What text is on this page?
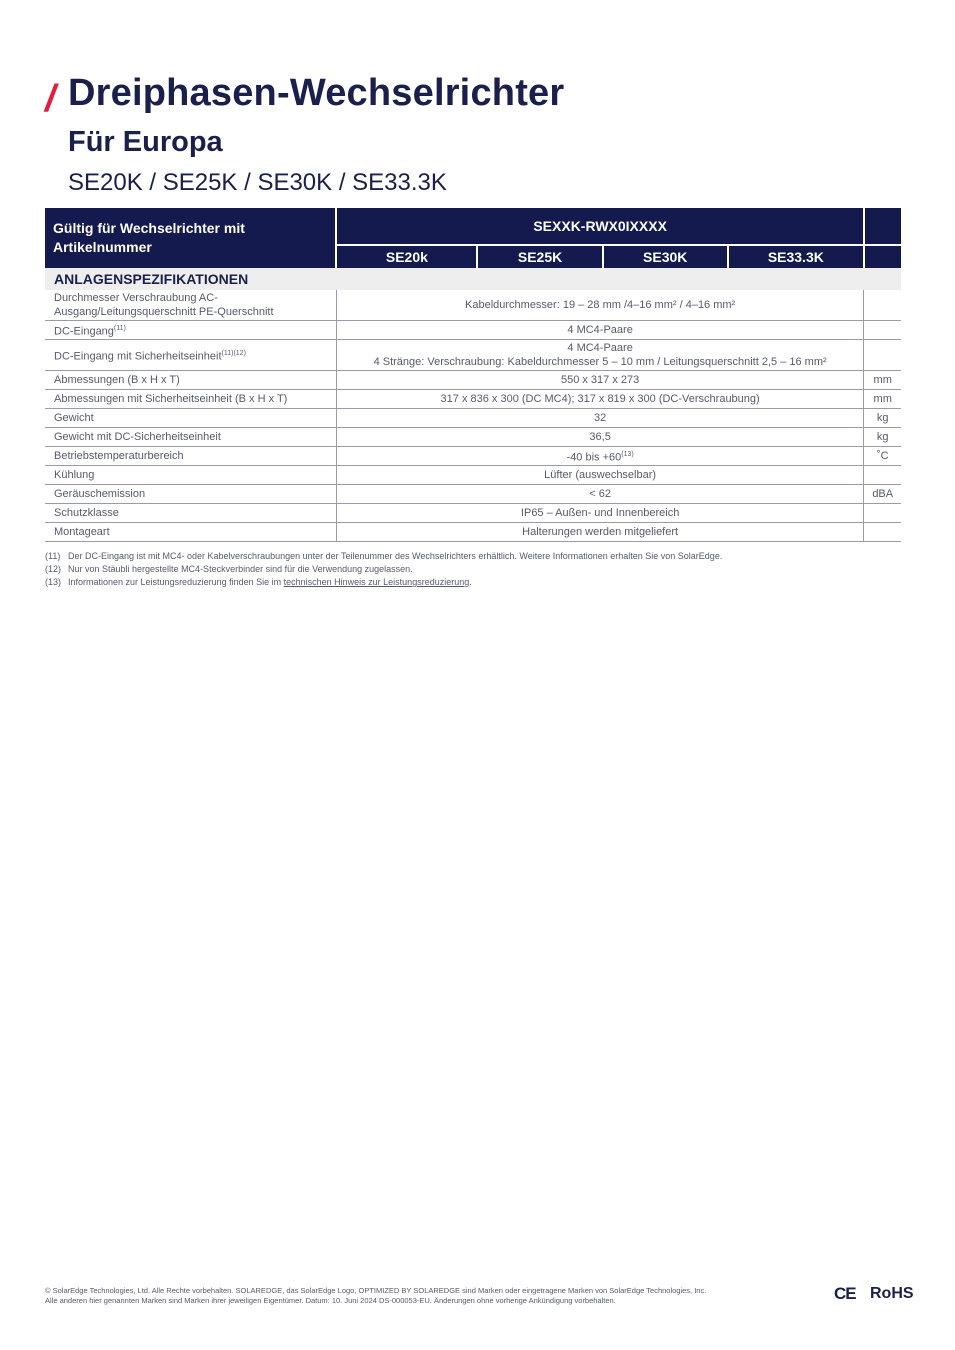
/ Dreiphasen-Wechselrichter
Für Europa
SE20K / SE25K / SE30K / SE33.3K
Gültig für Wechselrichter mit Artikelnummer	SEXXK-RWX0IXXXX				
	SE20k	SE25K	SE30K	SE33.3K	
ANLAGENSPEZIFIKATIONEN					
Durchmesser Verschraubung AC-Ausgang/Leitungsquerschnitt PE-Querschnitt	Kabeldurchmesser: 19 – 28 mm /4–16 mm² / 4–16 mm²				
DC-Eingang$^{(11)}$	4 MC4-Paare				
DC-Eingang mit Sicherheitseinheit$^{(11)(12)}$	4 MC4-Paare
4 Stränge: Verschraubung: Kabeldurchmesser 5 – 10 mm / Leitungsquerschnitt 2,5 – 16 mm²				

Abmessungen (B x H x T)	550 x 317 x 273				mm
Abmessungen mit Sicherheitseinheit (B x H x T)	317 x 836 x 300 (DC MC4); 317 x 819 x 300 (DC-Verschraubung)				mm
Gewicht	32				kg
Gewicht mit DC-Sicherheitseinheit	36,5				kg
Betriebstemperaturbereich	-40 bis $+60^{(13)}$				˚C
Kühlung	Lüfter (auswechselbar)				
Geräuschemission	< 62				dBA
Schutzklasse	IP65 – Außen- und Innenbereich				
Montageart	Halterungen werden mitgeliefert				
(11) Der DC-Eingang ist mit MC4- oder Kabelverschraubungen unter der Teilenummer des Wechselrichters erhältlich. Weitere Informationen erhalten Sie von SolarEdge.
(12) Nur von Stäubli hergestellte MC4-Steckverbinder sind für die Verwendung zugelassen.
(13) Informationen zur Leistungsreduzierung finden Sie im technischen Hinweis zur Leistungsreduzierung.
© SolarEdge Technologies, Ltd. Alle Rechte vorbehalten. SOLAREDGE, das SolarEdge Logo, OPTIMIZED BY SOLAREDGE sind Marken oder eingetragene Marken von SolarEdge Technologies, Inc.
Alle anderen hier genannten Marken sind Marken ihrer jeweiligen Eigentümer. Datum: 10. Juni 2024 DS-000053-EU. Änderungen ohne vorherige Ankündigung vorbehalten.	CE RoHS
